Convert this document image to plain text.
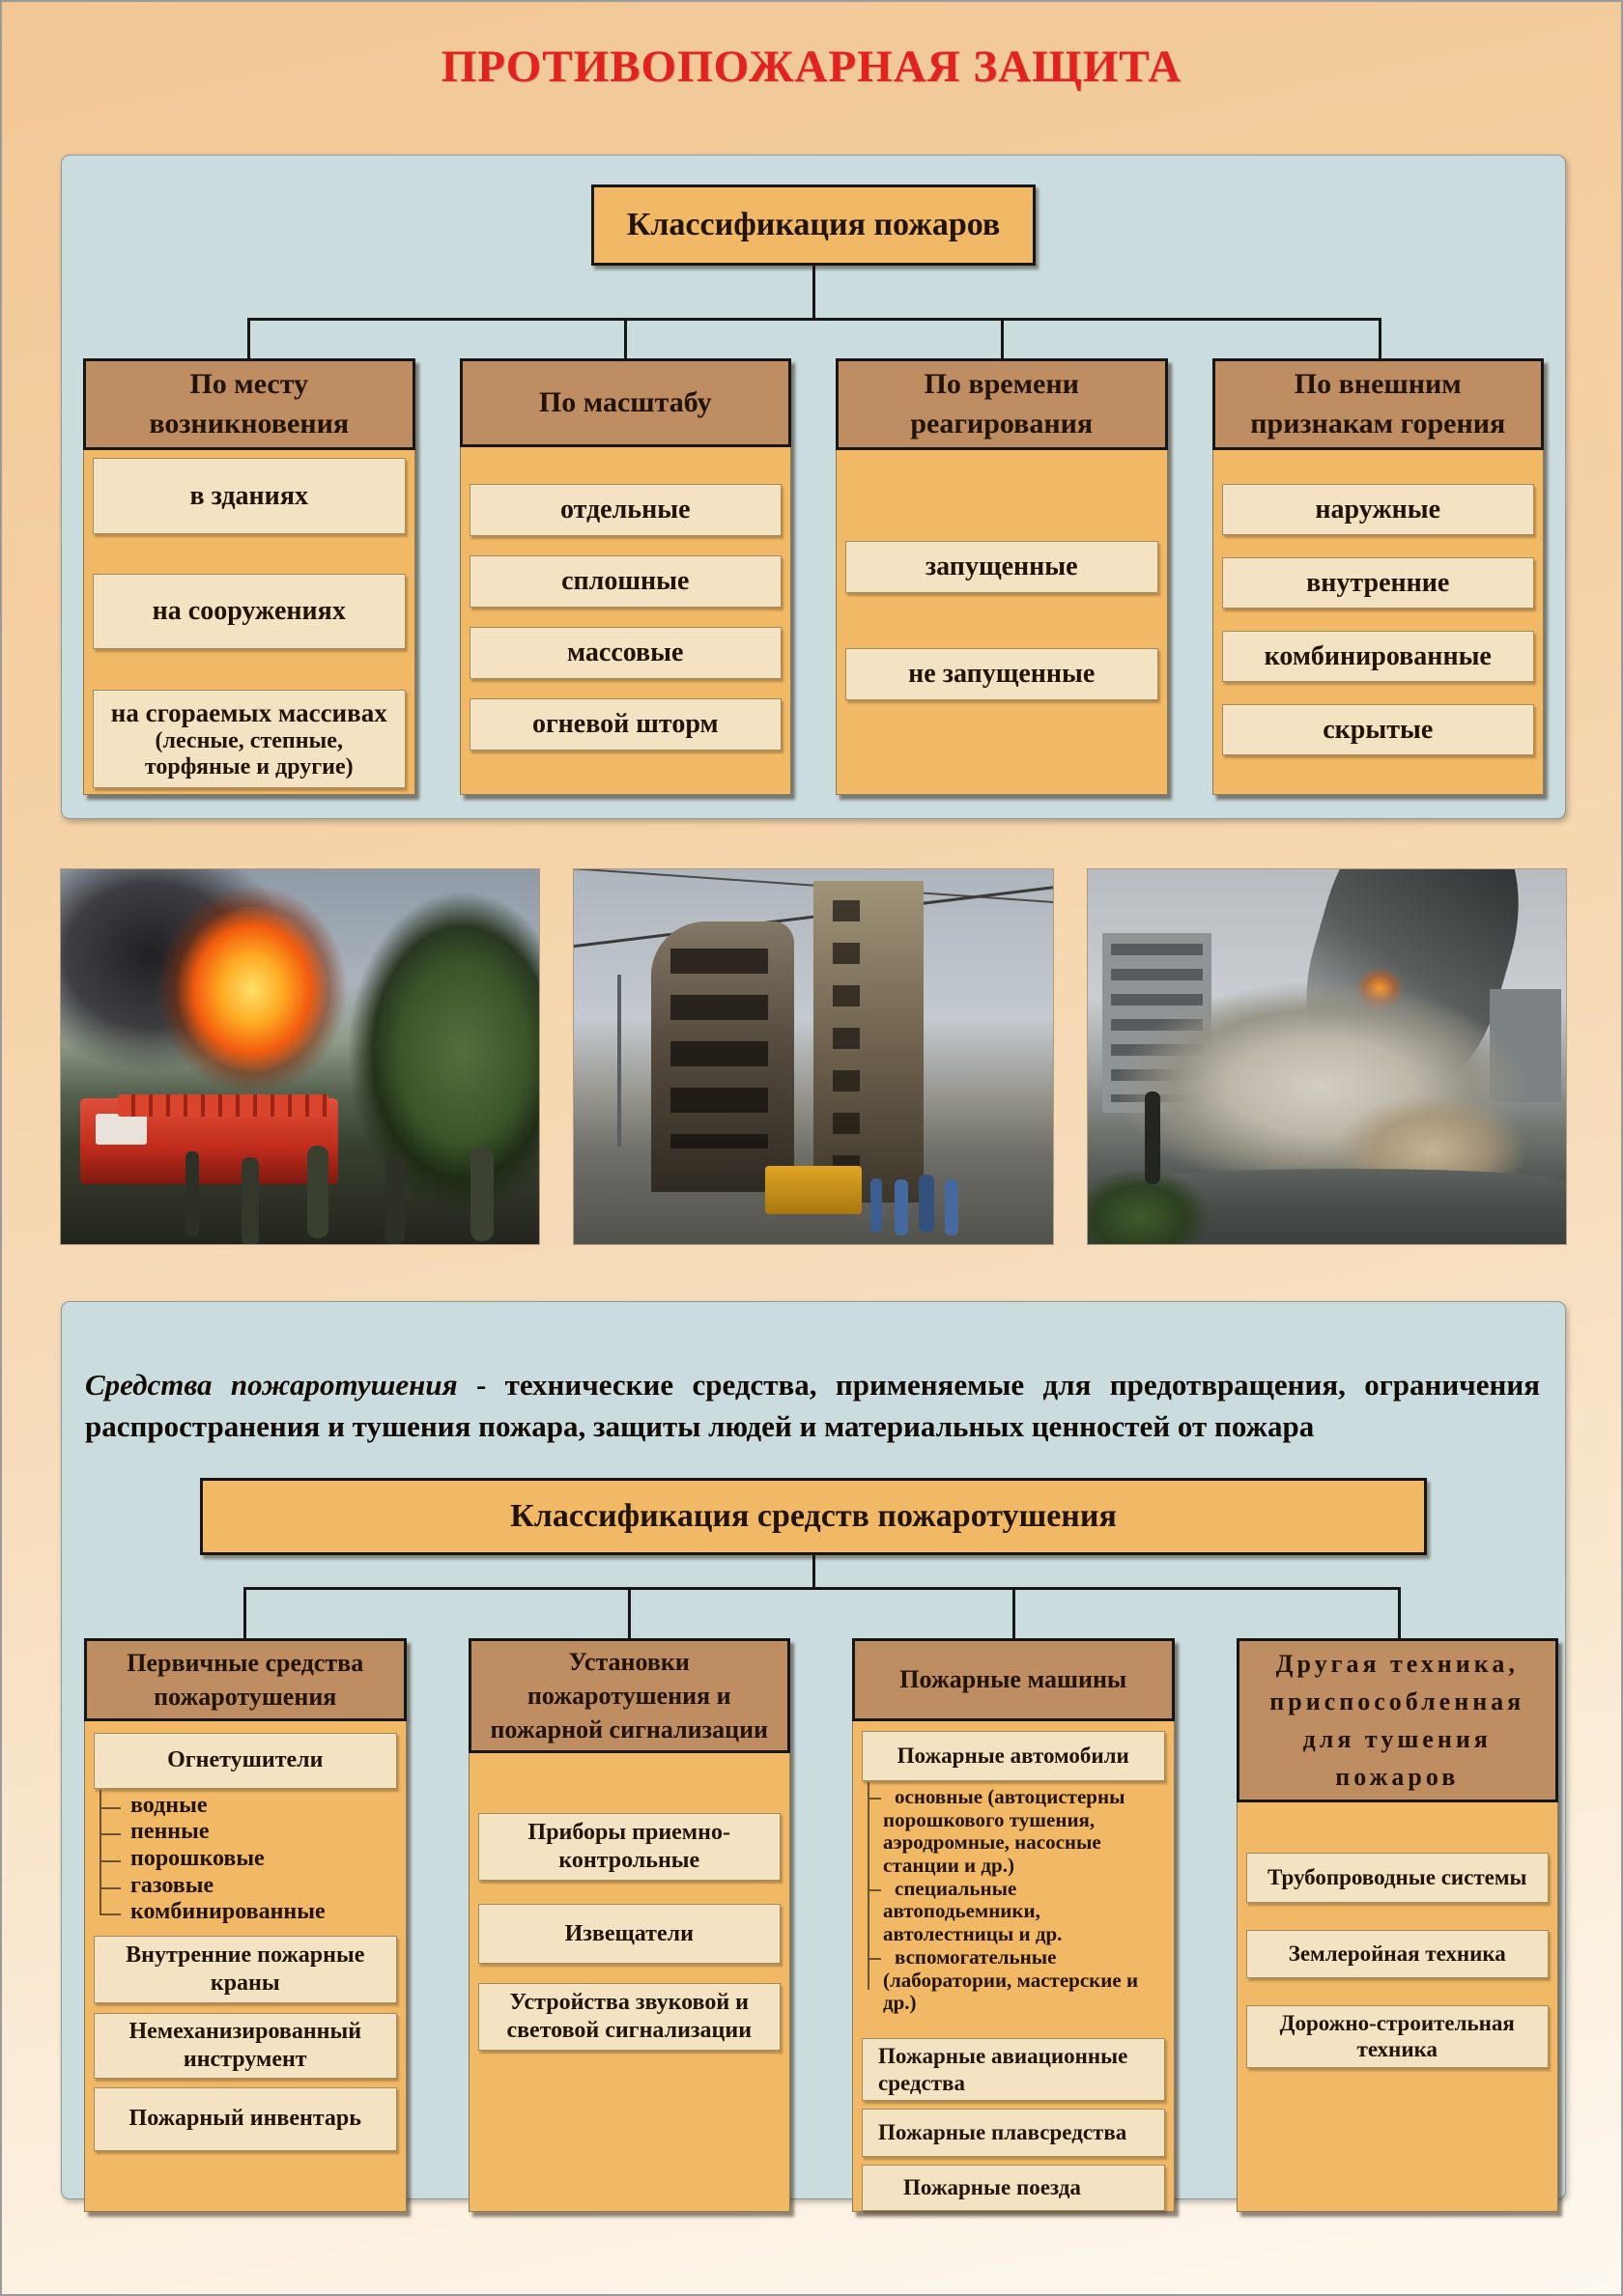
ПРОТИВОПОЖАРНАЯ ЗАЩИТА
Классификация пожаров
По месту возникновения
в зданиях
на сооружениях
на сгораемых массивах
(лесные, степные, торфяные и другие)
По масштабу
отдельные
сплошные
массовые
огневой шторм
По времени реагирования
запущенные
не запущенные
По внешним признакам горения
наружные
внутренние
комбинированные
скрытые

Средства пожаротушения - технические средства, применяемые для предотвращения, ограничения распространения и тушения пожара, защиты людей и материальных ценностей от пожара

Классификация средств пожаротушения
Первичные средства пожаротушения
Огнетушители
водные
пенные
порошковые
газовые
комбинированные
Внутренние пожарные краны
Немеханизированный инструмент
Пожарный инвентарь
Установки пожаротушения и пожарной сигнализации
Приборы приемно-контрольные
Извещатели
Устройства звуковой и световой сигнализации
Пожарные машины
Пожарные автомобили
основные (автоцистерны порошкового тушения, аэродромные, насосные станции и др.)
специальные автоподьемники, автолестницы и др.
вспомогательные (лаборатории, мастерские и др.)
Пожарные авиационные средства
Пожарные плавсредства
Пожарные поезда
Другая техника, приспособленная для тушения пожаров
Трубопроводные системы
Землеройная техника
Дорожно-строительная техника
